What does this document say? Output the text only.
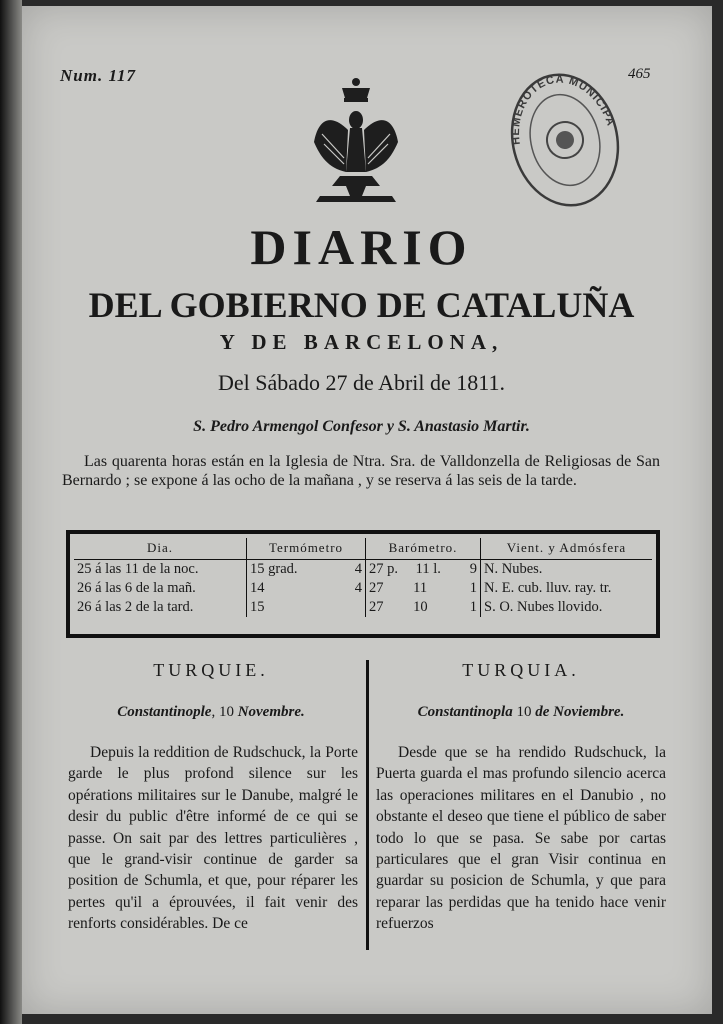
Num. 117	465
HEMEROTECA MUNICIPAL
DIARIO
DEL GOBIERNO DE CATALUÑA
Y DE BARCELONA,
Del Sábado 27 de Abril de 1811.
S. Pedro Armengol Confesor y S. Anastasio Martir.
Las quarenta horas están en la Iglesia de Ntra. Sra. de Valldonzella de Religiosas de San Bernardo ; se expone á las ocho de la mañana , y se reserva á las seis de la tarde.
Dia.	Termómetro	Barómetro.	Vient. y Admósfera
25 á las 11 de la noc.	15 grad. 4	27 p. 11 l. 9	N. Nubes.
26 á las 6 de la mañ.	14 4	27 11 1	N. E. cub. lluv. ray. tr.
26 á las 2 de la tard.	15	27 10 1	S. O. Nubes llovido.
TURQUIE.
Constantinople, 10 Novembre.
Depuis la reddition de Rudschuck, la Porte garde le plus profond silence sur les opérations militaires sur le Danube, malgré le desir du public d'être informé de ce qui se passe. On sait par des lettres particulières , que le grand-visir continue de garder sa position de Schumla, et que, pour réparer les pertes qu'il a éprouvées, il fait venir des renforts considérables. De ce
TURQUIA.
Constantinopla 10 de Noviembre.
Desde que se ha rendido Rudschuck, la Puerta guarda el mas profundo silencio acerca las operaciones militares en el Danubio , no obstante el deseo que tiene el público de saber todo lo que se pasa. Se sabe por cartas particulares que el gran Visir continua en guardar su posicion de Schumla, y que para reparar las perdidas que ha tenido hace venir refuerzos
